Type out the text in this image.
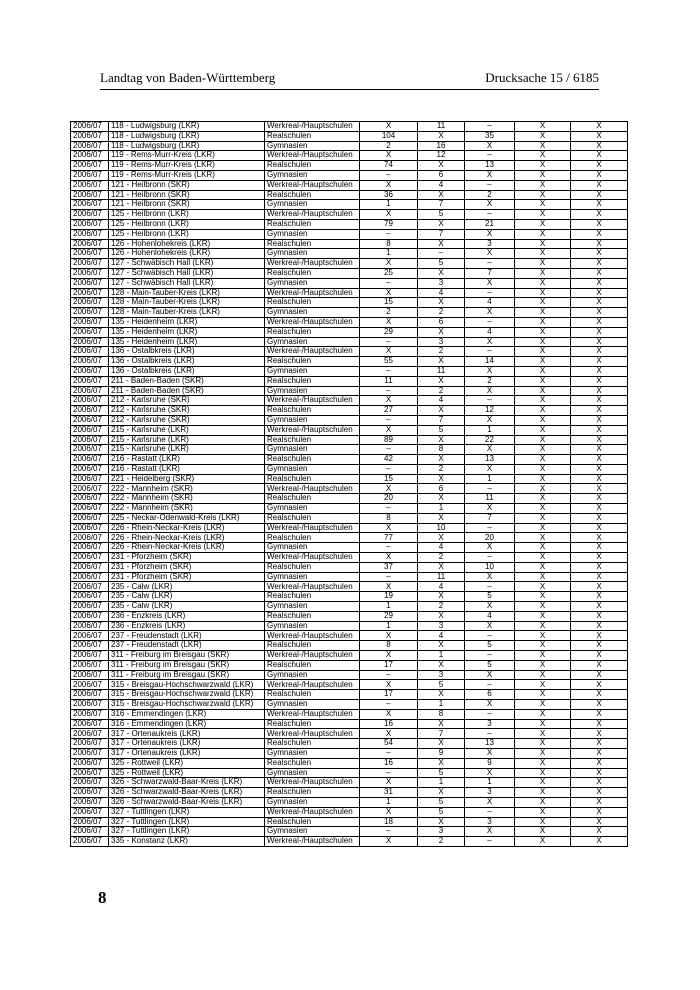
Landtag von Baden-Württemberg	Drucksache 15 / 6185
2006/07	118 - Ludwigsburg (LKR)	Werkreal-/Hauptschulen	X	11	–	X	X
2006/07	118 - Ludwigsburg (LKR)	Realschulen	104	X	35	X	X
2006/07	118 - Ludwigsburg (LKR)	Gymnasien	2	16	X	X	X
2006/07	119 - Rems-Murr-Kreis (LKR)	Werkreal-/Hauptschulen	X	12	–	X	X
2006/07	119 - Rems-Murr-Kreis (LKR)	Realschulen	74	X	13	X	X
2006/07	119 - Rems-Murr-Kreis (LKR)	Gymnasien	–	6	X	X	X
2006/07	121 - Heilbronn (SKR)	Werkreal-/Hauptschulen	X	4	–	X	X
2006/07	121 - Heilbronn (SKR)	Realschulen	36	X	2	X	X
2006/07	121 - Heilbronn (SKR)	Gymnasien	1	7	X	X	X
2006/07	125 - Heilbronn (LKR)	Werkreal-/Hauptschulen	X	5	–	X	X
2006/07	125 - Heilbronn (LKR)	Realschulen	79	X	21	X	X
2006/07	125 - Heilbronn (LKR)	Gymnasien	–	7	X	X	X
2006/07	126 - Hohenlohekreis (LKR)	Realschulen	8	X	3	X	X
2006/07	126 - Hohenlohekreis (LKR)	Gymnasien	1	–	X	X	X
2006/07	127 - Schwäbisch Hall (LKR)	Werkreal-/Hauptschulen	X	5	–	X	X
2006/07	127 - Schwäbisch Hall (LKR)	Realschulen	25	X	7	X	X
2006/07	127 - Schwäbisch Hall (LKR)	Gymnasien	–	3	X	X	X
2006/07	128 - Main-Tauber-Kreis (LKR)	Werkreal-/Hauptschulen	X	4	–	X	X
2006/07	128 - Main-Tauber-Kreis (LKR)	Realschulen	15	X	4	X	X
2006/07	128 - Main-Tauber-Kreis (LKR)	Gymnasien	2	2	X	X	X
2006/07	135 - Heidenheim (LKR)	Werkreal-/Hauptschulen	X	6	–	X	X
2006/07	135 - Heidenheim (LKR)	Realschulen	29	X	4	X	X
2006/07	135 - Heidenheim (LKR)	Gymnasien	–	3	X	X	X
2006/07	136 - Ostalbkreis (LKR)	Werkreal-/Hauptschulen	X	2	–	X	X
2006/07	136 - Ostalbkreis (LKR)	Realschulen	55	X	14	X	X
2006/07	136 - Ostalbkreis (LKR)	Gymnasien	–	11	X	X	X
2006/07	211 - Baden-Baden (SKR)	Realschulen	11	X	2	X	X
2006/07	211 - Baden-Baden (SKR)	Gymnasien	–	2	X	X	X
2006/07	212 - Karlsruhe (SKR)	Werkreal-/Hauptschulen	X	4	–	X	X
2006/07	212 - Karlsruhe (SKR)	Realschulen	27	X	12	X	X
2006/07	212 - Karlsruhe (SKR)	Gymnasien	–	7	X	X	X
2006/07	215 - Karlsruhe (LKR)	Werkreal-/Hauptschulen	X	5	1	X	X
2006/07	215 - Karlsruhe (LKR)	Realschulen	89	X	22	X	X
2006/07	215 - Karlsruhe (LKR)	Gymnasien	–	8	X	X	X
2006/07	216 - Rastatt (LKR)	Realschulen	42	X	13	X	X
2006/07	216 - Rastatt (LKR)	Gymnasien	–	2	X	X	X
2006/07	221 - Heidelberg (SKR)	Realschulen	15	X	1	X	X
2006/07	222 - Mannheim (SKR)	Werkreal-/Hauptschulen	X	6	–	X	X
2006/07	222 - Mannheim (SKR)	Realschulen	20	X	11	X	X
2006/07	222 - Mannheim (SKR)	Gymnasien	–	1	X	X	X
2006/07	225 - Neckar-Odenwald-Kreis (LKR)	Realschulen	8	X	7	X	X
2006/07	226 - Rhein-Neckar-Kreis (LKR)	Werkreal-/Hauptschulen	X	10	–	X	X
2006/07	226 - Rhein-Neckar-Kreis (LKR)	Realschulen	77	X	20	X	X
2006/07	226 - Rhein-Neckar-Kreis (LKR)	Gymnasien	–	4	X	X	X
2006/07	231 - Pforzheim (SKR)	Werkreal-/Hauptschulen	X	2	–	X	X
2006/07	231 - Pforzheim (SKR)	Realschulen	37	X	10	X	X
2006/07	231 - Pforzheim (SKR)	Gymnasien	–	11	X	X	X
2006/07	235 - Calw (LKR)	Werkreal-/Hauptschulen	X	4	–	X	X
2006/07	235 - Calw (LKR)	Realschulen	19	X	5	X	X
2006/07	235 - Calw (LKR)	Gymnasien	1	2	X	X	X
2006/07	236 - Enzkreis (LKR)	Realschulen	29	X	4	X	X
2006/07	236 - Enzkreis (LKR)	Gymnasien	1	3	X	X	X
2006/07	237 - Freudenstadt (LKR)	Werkreal-/Hauptschulen	X	4	–	X	X
2006/07	237 - Freudenstadt (LKR)	Realschulen	8	X	5	X	X
2006/07	311 - Freiburg im Breisgau (SKR)	Werkreal-/Hauptschulen	X	1	–	X	X
2006/07	311 - Freiburg im Breisgau (SKR)	Realschulen	17	X	5	X	X
2006/07	311 - Freiburg im Breisgau (SKR)	Gymnasien	–	3	X	X	X
2006/07	315 - Breisgau-Hochschwarzwald (LKR)	Werkreal-/Hauptschulen	X	5	–	X	X
2006/07	315 - Breisgau-Hochschwarzwald (LKR)	Realschulen	17	X	6	X	X
2006/07	315 - Breisgau-Hochschwarzwald (LKR)	Gymnasien	–	1	X	X	X
2006/07	316 - Emmendingen (LKR)	Werkreal-/Hauptschulen	X	8	–	X	X
2006/07	316 - Emmendingen (LKR)	Realschulen	16	X	3	X	X
2006/07	317 - Ortenaukreis (LKR)	Werkreal-/Hauptschulen	X	7	–	X	X
2006/07	317 - Ortenaukreis (LKR)	Realschulen	54	X	13	X	X
2006/07	317 - Ortenaukreis (LKR)	Gymnasien	–	9	X	X	X
2006/07	325 - Rottweil (LKR)	Realschulen	16	X	9	X	X
2006/07	325 - Rottweil (LKR)	Gymnasien	–	5	X	X	X
2006/07	326 - Schwarzwald-Baar-Kreis (LKR)	Werkreal-/Hauptschulen	X	1	1	X	X
2006/07	326 - Schwarzwald-Baar-Kreis (LKR)	Realschulen	31	X	3	X	X
2006/07	326 - Schwarzwald-Baar-Kreis (LKR)	Gymnasien	1	5	X	X	X
2006/07	327 - Tuttlingen (LKR)	Werkreal-/Hauptschulen	X	5	–	X	X
2006/07	327 - Tuttlingen (LKR)	Realschulen	18	X	3	X	X
2006/07	327 - Tuttlingen (LKR)	Gymnasien	–	3	X	X	X
2006/07	335 - Konstanz (LKR)	Werkreal-/Hauptschulen	X	2	–	X	X
8
